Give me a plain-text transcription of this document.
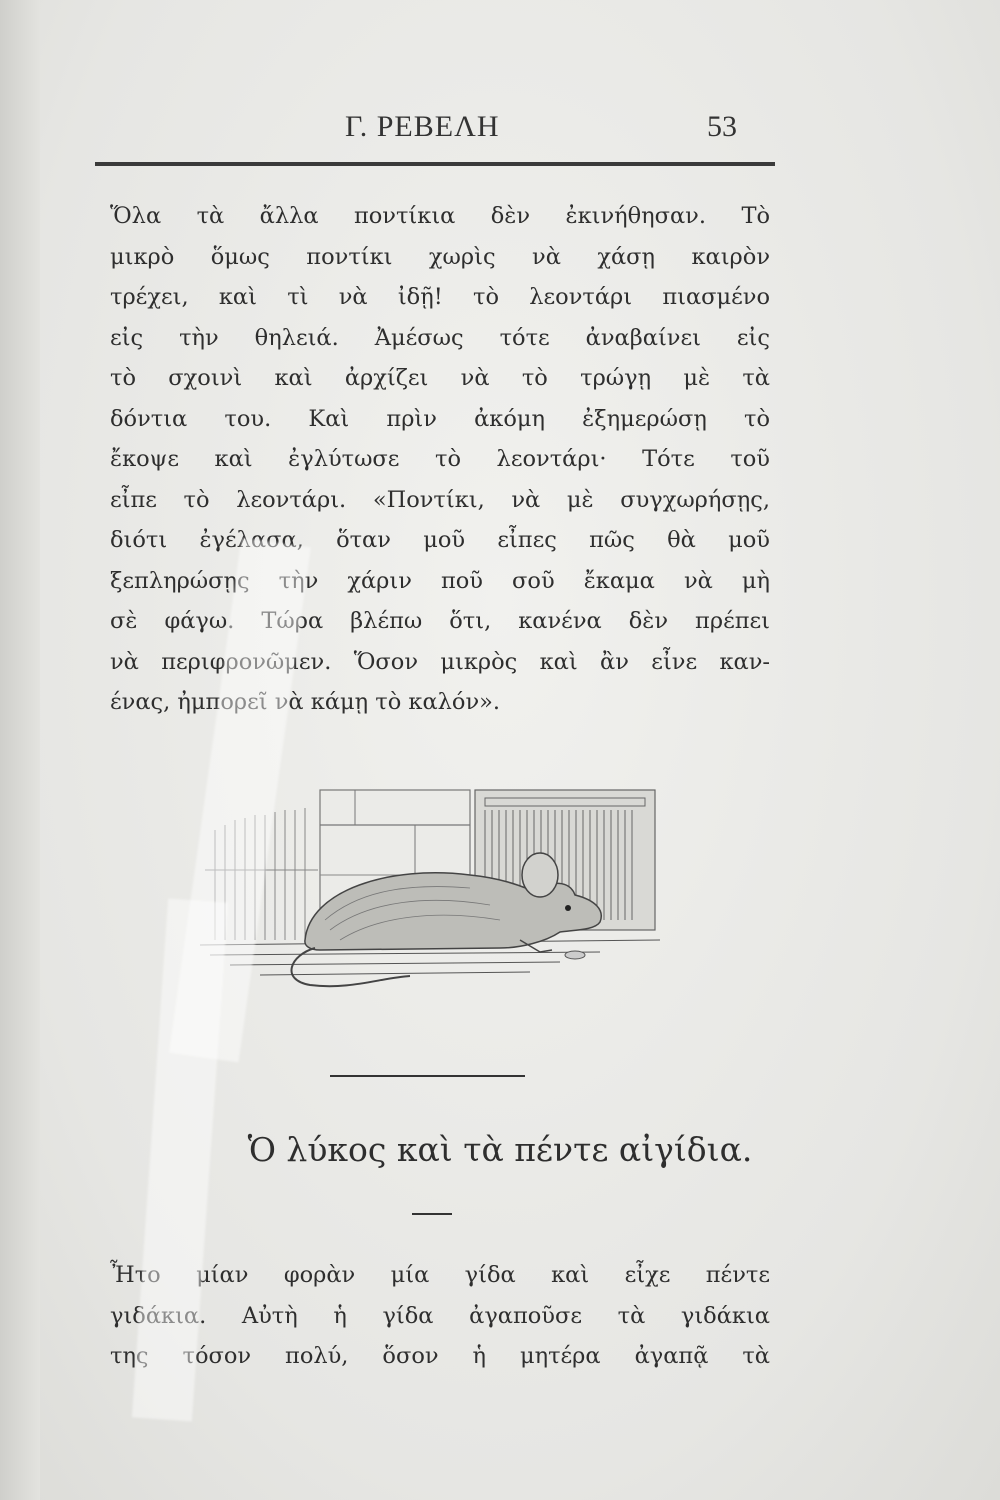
Γ. ΡΕΒΕΛΗ	53
Ὅλα τὰ ἄλλα ποντίκια δὲν ἐκινήθησαν. Τὸ
μικρὸ ὅμως ποντίκι χωρὶς νὰ χάσῃ καιρὸν
τρέχει, καὶ τὶ νὰ ἰδῇ! τὸ λεοντάρι πιασμένο
εἰς τὴν θηλειά. Ἀμέσως τότε ἀναβαίνει εἰς
τὸ σχοινὶ καὶ ἀρχίζει νὰ τὸ τρώγῃ μὲ τὰ
δόντια του. Καὶ πρὶν ἀκόμη ἐξημερώσῃ τὸ
ἔκοψε καὶ ἐγλύτωσε τὸ λεοντάρι· Τότε τοῦ
εἶπε τὸ λεοντάρι. «Ποντίκι, νὰ μὲ συγχωρήσῃς,
διότι ἐγέλασα, ὅταν μοῦ εἶπες πῶς θὰ μοῦ
ξεπληρώσῃς τὴν χάριν ποῦ σοῦ ἔκαμα νὰ μὴ
σὲ φάγω. Τώρα βλέπω ὅτι, κανένα δὲν πρέπει
νὰ περιφρονῶμεν. Ὅσον μικρὸς καὶ ἂν εἶνε καν-
ένας, ἠμπορεῖ νὰ κάμῃ τὸ καλόν».
Ὁ λύκος καὶ τὰ πέντε αἰγίδια.
Ἦτο μίαν φορὰν μία γίδα καὶ εἶχε πέντε
γιδάκια. Αὐτὴ ἡ γίδα ἀγαποῦσε τὰ γιδάκια
της τόσον πολύ, ὅσον ἡ μητέρα ἀγαπᾷ τὰ
